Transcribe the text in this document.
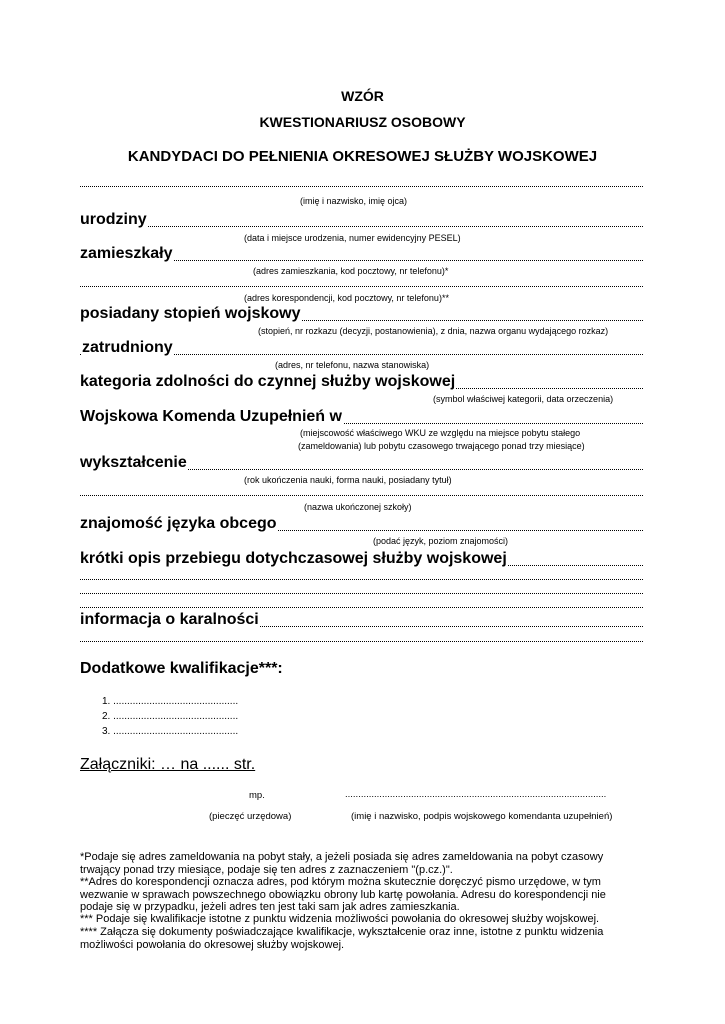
WZÓR
KWESTIONARIUSZ OSOBOWY
KANDYDACI DO PEŁNIENIA OKRESOWEJ SŁUŻBY WOJSKOWEJ
(imię i nazwisko, imię ojca)
urodziny
(data i miejsce urodzenia, numer ewidencyjny PESEL)
zamieszkały
(adres zamieszkania, kod pocztowy, nr telefonu)*
(adres korespondencji, kod pocztowy, nr telefonu)**
posiadany stopień wojskowy
(stopień, nr rozkazu (decyzji, postanowienia), z dnia, nazwa organu wydającego rozkaz)
zatrudniony
(adres, nr telefonu, nazwa stanowiska)
kategoria zdolności do czynnej służby wojskowej
(symbol właściwej kategorii, data orzeczenia)
Wojskowa Komenda Uzupełnień w
(miejscowość właściwego WKU ze względu na miejsce pobytu stałego
(zameldowania) lub pobytu czasowego trwającego ponad trzy miesiące)
wykształcenie
(rok ukończenia nauki, forma nauki, posiadany tytuł)
(nazwa ukończonej szkoły)
znajomość języka obcego
(podać język, poziom znajomości)
krótki opis przebiegu dotychczasowej służby wojskowej
informacja o karalności
Dodatkowe kwalifikacje***:
1. .............................................
2. .............................................
3. .............................................
Załączniki: … na ...... str.
mp.	...................................................................................................
(pieczęć urzędowa)	(imię i nazwisko, podpis wojskowego komendanta uzupełnień)
*Podaje się adres zameldowania na pobyt stały, a jeżeli posiada się adres zameldowania na pobyt czasowy trwający ponad trzy miesiące, podaje się ten adres z zaznaczeniem "(p.cz.)".
**Adres do korespondencji oznacza adres, pod którym można skutecznie doręczyć pismo urzędowe, w tym wezwanie w sprawach powszechnego obowiązku obrony lub kartę powołania. Adresu do korespondencji nie podaje się w przypadku, jeżeli adres ten jest taki sam jak adres zamieszkania.
*** Podaje się kwalifikacje istotne z punktu widzenia możliwości powołania do okresowej służby wojskowej.
**** Załącza się dokumenty poświadczające kwalifikacje, wykształcenie oraz inne, istotne z punktu widzenia możliwości powołania do okresowej służby wojskowej.
